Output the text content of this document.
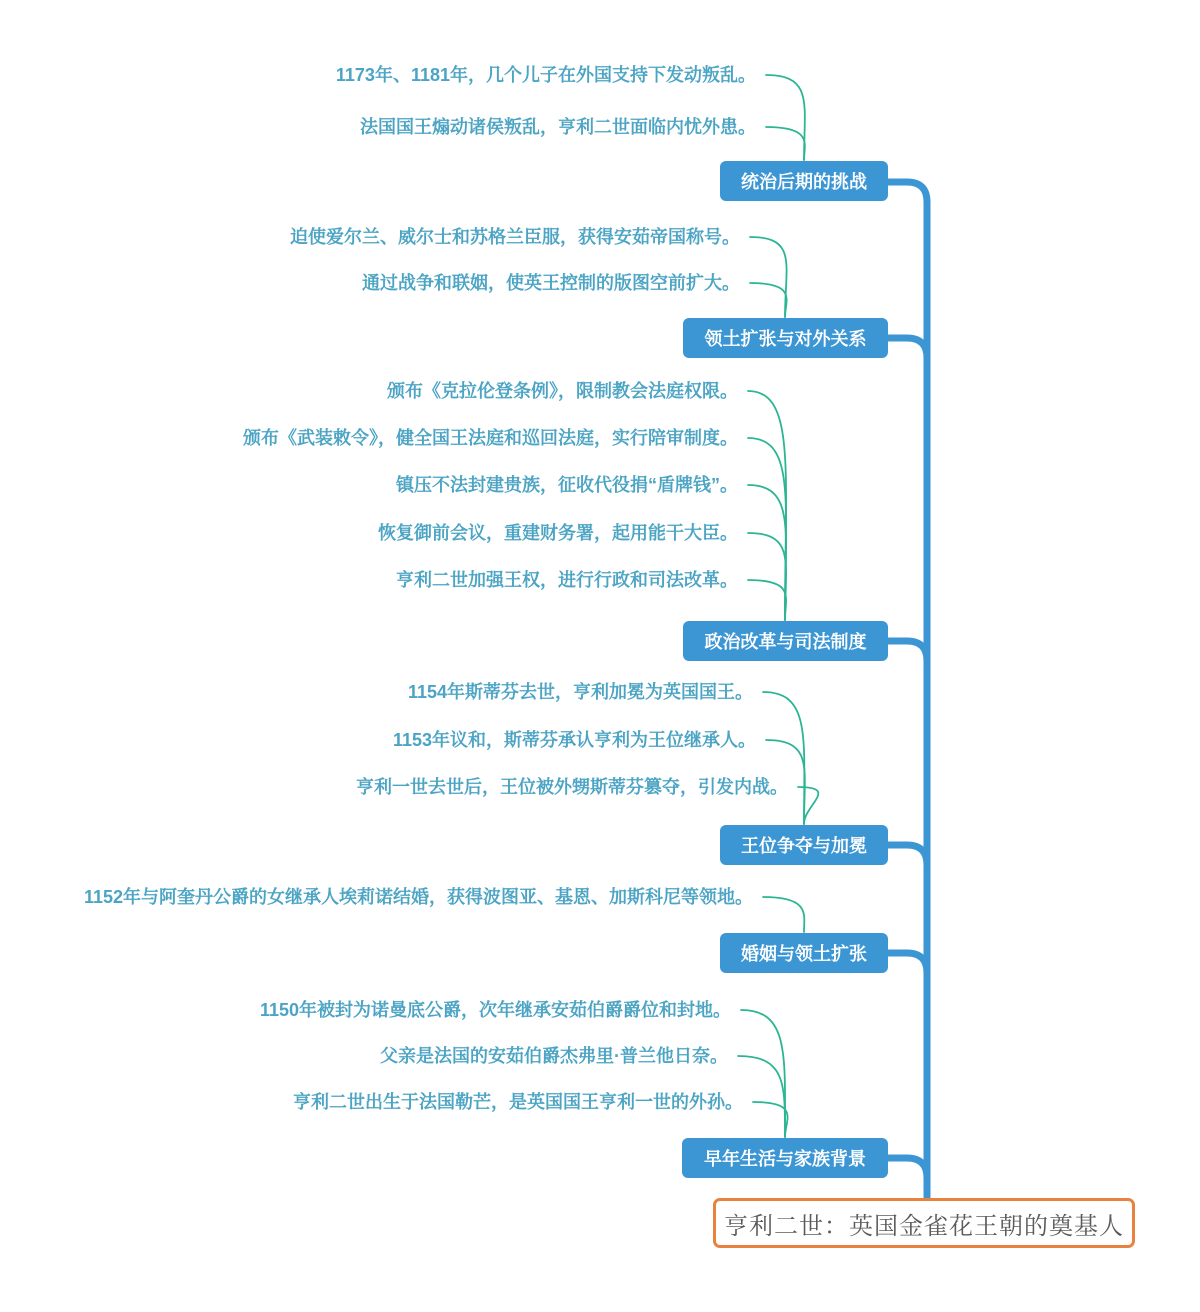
1173年、1181年，几个儿子在外国支持下发动叛乱。
法国国王煽动诸侯叛乱，亨利二世面临内忧外患。
迫使爱尔兰、威尔士和苏格兰臣服，获得安茹帝国称号。
通过战争和联姻，使英王控制的版图空前扩大。
颁布《克拉伦登条例》，限制教会法庭权限。
颁布《武装敕令》，健全国王法庭和巡回法庭，实行陪审制度。
镇压不法封建贵族，征收代役捐“盾牌钱”。
恢复御前会议，重建财务署，起用能干大臣。
亨利二世加强王权，进行行政和司法改革。
1154年斯蒂芬去世，亨利加冕为英国国王。
1153年议和，斯蒂芬承认亨利为王位继承人。
亨利一世去世后，王位被外甥斯蒂芬篡夺，引发内战。
1152年与阿奎丹公爵的女继承人埃莉诺结婚，获得波图亚、基恩、加斯科尼等领地。
1150年被封为诺曼底公爵，次年继承安茹伯爵爵位和封地。
父亲是法国的安茹伯爵杰弗里·普兰他日奈。
亨利二世出生于法国勒芒，是英国国王亨利一世的外孙。
统治后期的挑战
领土扩张与对外关系
政治改革与司法制度
王位争夺与加冕
婚姻与领土扩张
早年生活与家族背景
亨利二世：英国金雀花王朝的奠基人
